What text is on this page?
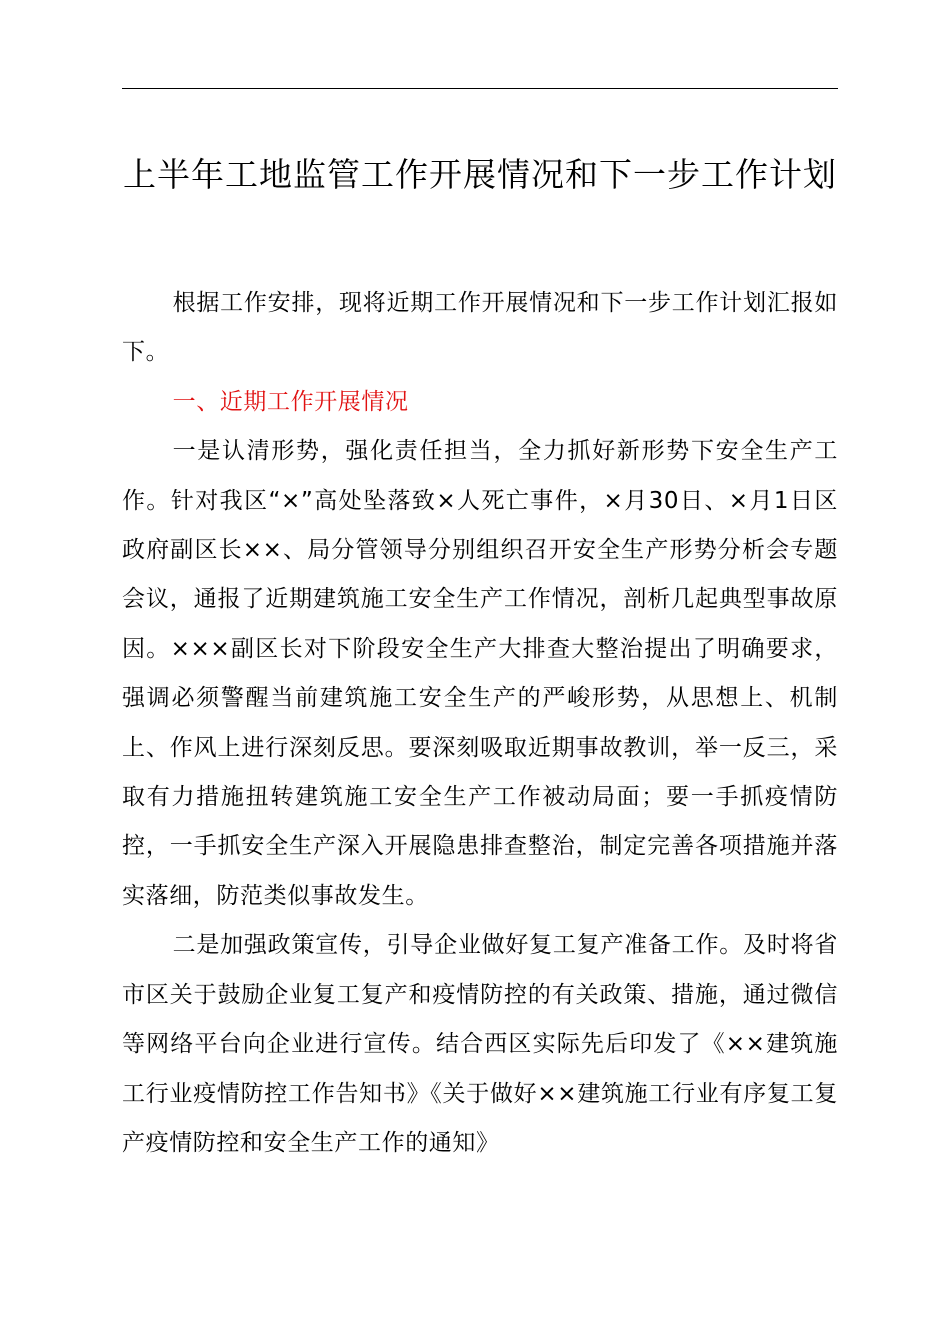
上半年工地监管工作开展情况和下一步工作计划

根据工作安排，现将近期工作开展情况和下一步工作计划汇报如下。

一、近期工作开展情况

一是认清形势，强化责任担当，全力抓好新形势下安全生产工作。针对我区“×”高处坠落致×人死亡事件，×月30日、×月1日区政府副区长××、局分管领导分别组织召开安全生产形势分析会专题会议，通报了近期建筑施工安全生产工作情况，剖析几起典型事故原因。×××副区长对下阶段安全生产大排查大整治提出了明确要求，强调必须警醒当前建筑施工安全生产的严峻形势，从思想上、机制上、作风上进行深刻反思。要深刻吸取近期事故教训，举一反三，采取有力措施扭转建筑施工安全生产工作被动局面；要一手抓疫情防控，一手抓安全生产深入开展隐患排查整治，制定完善各项措施并落实落细，防范类似事故发生。

二是加强政策宣传，引导企业做好复工复产准备工作。及时将省市区关于鼓励企业复工复产和疫情防控的有关政策、措施，通过微信等网络平台向企业进行宣传。结合西区实际先后印发了《××建筑施工行业疫情防控工作告知书》《关于做好××建筑施工行业有序复工复产疫情防控和安全生产工作的通知》
